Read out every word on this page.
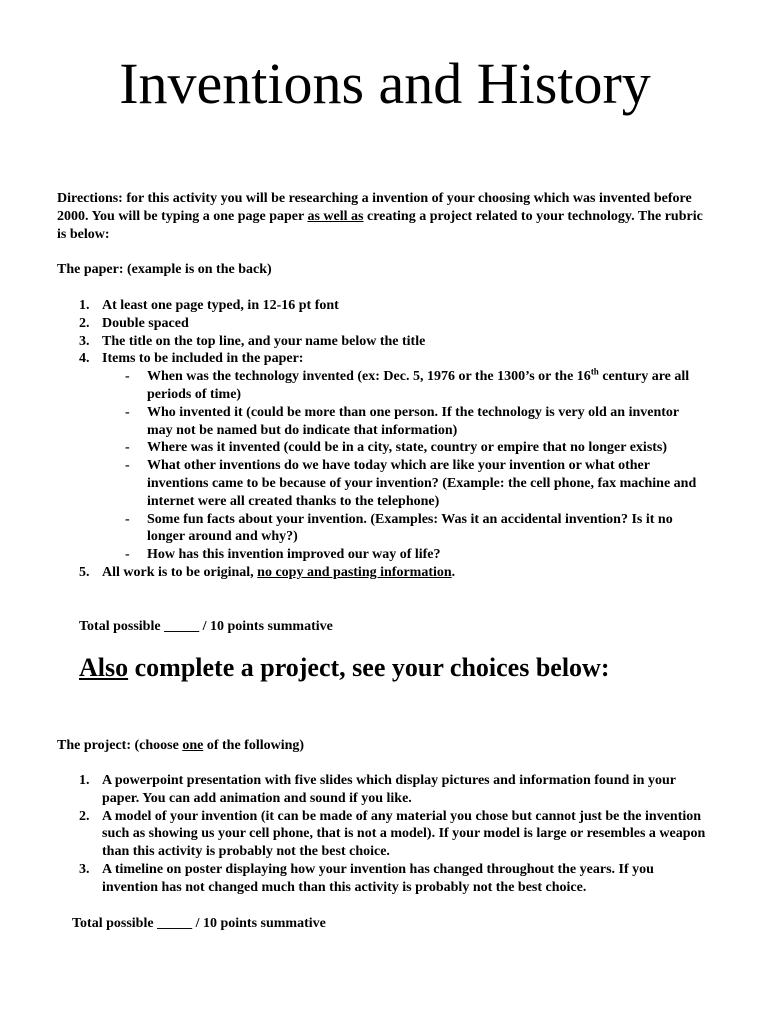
Inventions and History

Directions: for this activity you will be researching a invention of your choosing which was invented before 2000. You will be typing a one page paper as well as creating a project related to your technology. The rubric is below:

The paper: (example is on the back)

1. At least one page typed, in 12-16 pt font
2. Double spaced
3. The title on the top line, and your name below the title
4. Items to be included in the paper:
- When was the technology invented (ex: Dec. 5, 1976 or the 1300’s or the 16th century are all periods of time)
- Who invented it (could be more than one person. If the technology is very old an inventor may not be named but do indicate that information)
- Where was it invented (could be in a city, state, country or empire that no longer exists)
- What other inventions do we have today which are like your invention or what other inventions came to be because of your invention? (Example: the cell phone, fax machine and internet were all created thanks to the telephone)
- Some fun facts about your invention. (Examples: Was it an accidental invention? Is it no longer around and why?)
- How has this invention improved our way of life?
5. All work is to be original, no copy and pasting information.

Total possible _____ / 10 points summative

Also complete a project, see your choices below:

The project: (choose one of the following)

1. A powerpoint presentation with five slides which display pictures and information found in your paper. You can add animation and sound if you like.
2. A model of your invention (it can be made of any material you chose but cannot just be the invention such as showing us your cell phone, that is not a model). If your model is large or resembles a weapon than this activity is probably not the best choice.
3. A timeline on poster displaying how your invention has changed throughout the years. If you invention has not changed much than this activity is probably not the best choice.

Total possible _____ / 10 points summative
